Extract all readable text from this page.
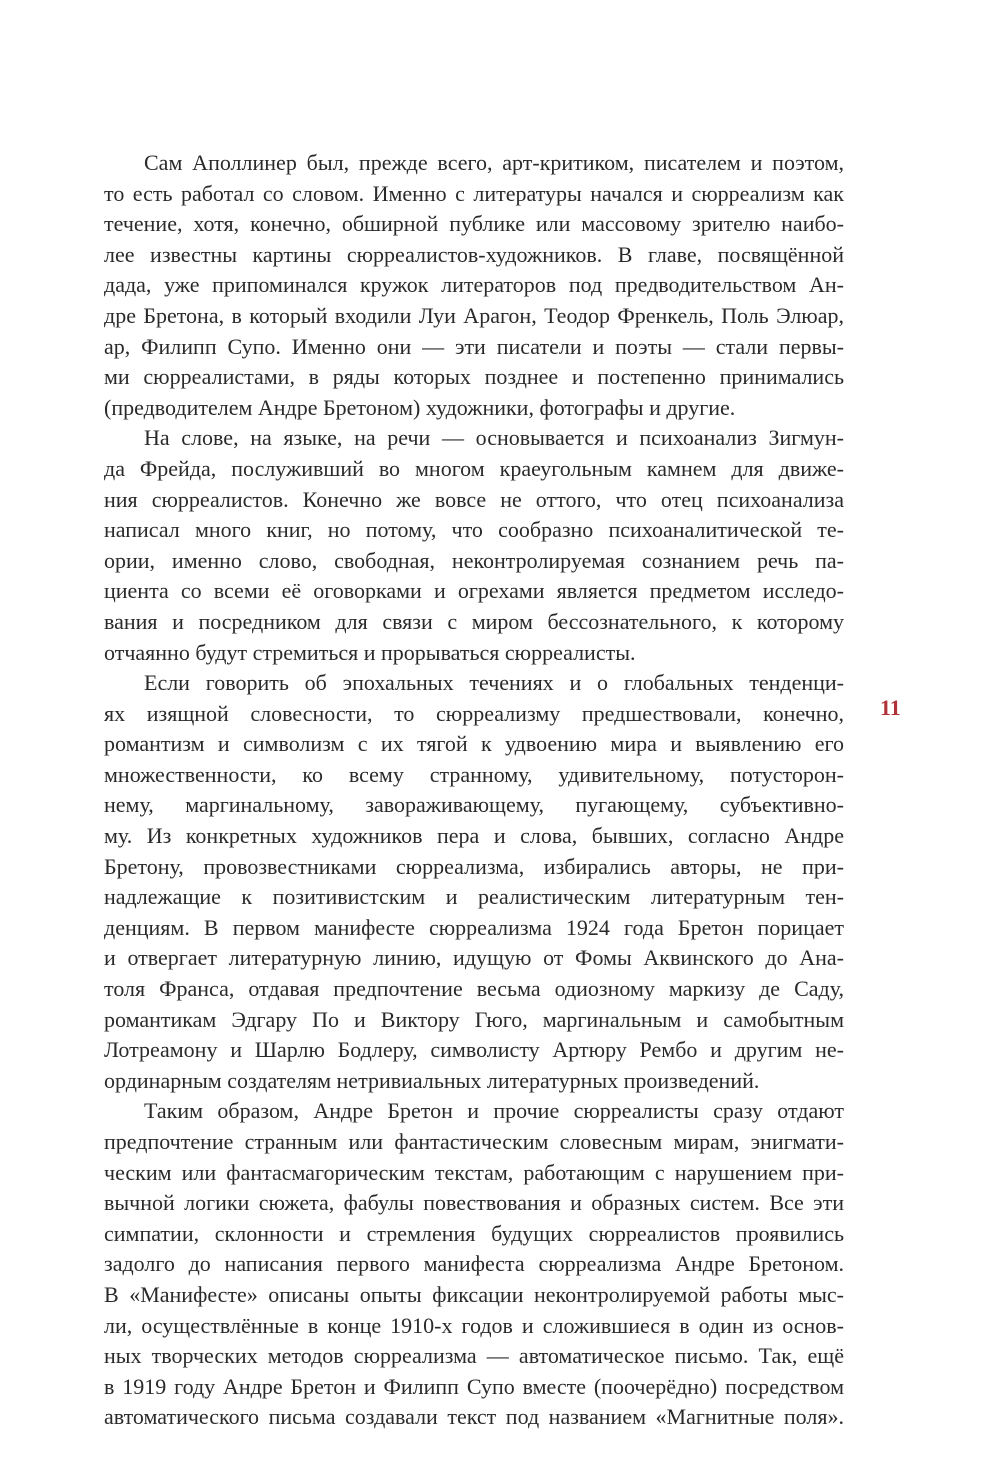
Сам Аполлинер был, прежде всего, арт-критиком, писателем и поэтом,
то есть работал со словом. Именно с литературы начался и сюрреализм как
течение, хотя, конечно, обширной публике или массовому зрителю наибо-
лее известны картины сюрреалистов-художников. В главе, посвящённой
дада, уже припоминался кружок литераторов под предводительством Ан-
дре Бретона, в который входили Луи Арагон, Теодор Френкель, Поль Элюар,
ар, Филипп Супо. Именно они — эти писатели и поэты — стали первы-
ми сюрреалистами, в ряды которых позднее и постепенно принимались
(предводителем Андре Бретоном) художники, фотографы и другие.
На слове, на языке, на речи — основывается и психоанализ Зигмун-
да Фрейда, послуживший во многом краеугольным камнем для движе-
ния сюрреалистов. Конечно же вовсе не оттого, что отец психоанализа
написал много книг, но потому, что сообразно психоаналитической те-
ории, именно слово, свободная, неконтролируемая сознанием речь па-
циента со всеми её оговорками и огрехами является предметом исследо-
вания и посредником для связи с миром бессознательного, к которому
отчаянно будут стремиться и прорываться сюрреалисты.
Если говорить об эпохальных течениях и о глобальных тенденци-
ях изящной словесности, то сюрреализму предшествовали, конечно,
романтизм и символизм с их тягой к удвоению мира и выявлению его
множественности, ко всему странному, удивительному, потусторон-
нему, маргинальному, завораживающему, пугающему, субъективно-
му. Из конкретных художников пера и слова, бывших, согласно Андре
Бретону, провозвестниками сюрреализма, избирались авторы, не при-
надлежащие к позитивистским и реалистическим литературным тен-
денциям. В первом манифесте сюрреализма 1924 года Бретон порицает
и отвергает литературную линию, идущую от Фомы Аквинского до Ана-
толя Франса, отдавая предпочтение весьма одиозному маркизу де Саду,
романтикам Эдгару По и Виктору Гюго, маргинальным и самобытным
Лотреамону и Шарлю Бодлеру, символисту Артюру Рембо и другим не-
ординарным создателям нетривиальных литературных произведений.
Таким образом, Андре Бретон и прочие сюрреалисты сразу отдают
предпочтение странным или фантастическим словесным мирам, энигмати-
ческим или фантасмагорическим текстам, работающим с нарушением при-
вычной логики сюжета, фабулы повествования и образных систем. Все эти
симпатии, склонности и стремления будущих сюрреалистов проявились
задолго до написания первого манифеста сюрреализма Андре Бретоном.
В «Манифесте» описаны опыты фиксации неконтролируемой работы мыс-
ли, осуществлённые в конце 1910-х годов и сложившиеся в один из основ-
ных творческих методов сюрреализма — автоматическое письмо. Так, ещё
в 1919 году Андре Бретон и Филипп Супо вместе (поочерёдно) посредством
автоматического письма создавали текст под названием «Магнитные поля».
11
